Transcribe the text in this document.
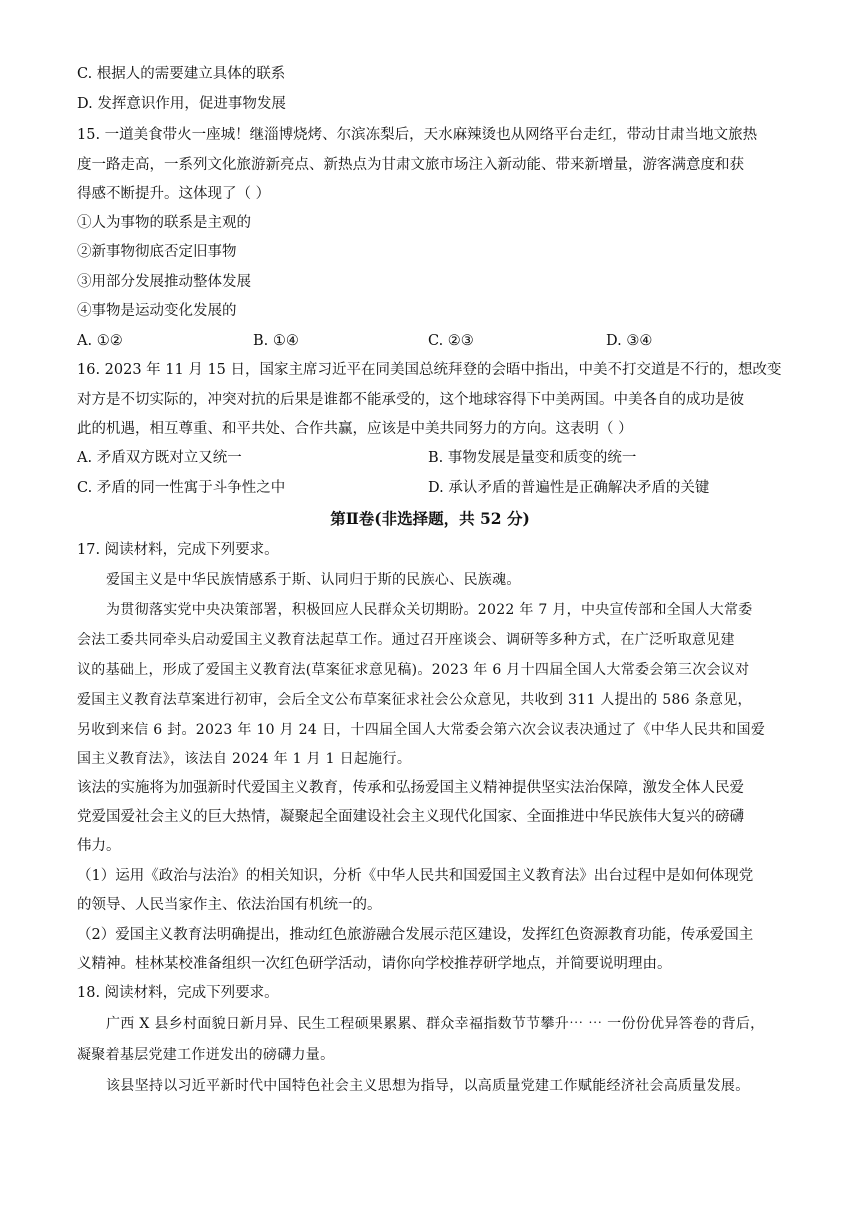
C. 根据人的需要建立具体的联系
D. 发挥意识作用，促进事物发展
15. 一道美食带火一座城！继淄博烧烤、尔滨冻梨后，天水麻辣烫也从网络平台走红，带动甘肃当地文旅热
度一路走高，一系列文化旅游新亮点、新热点为甘肃文旅市场注入新动能、带来新增量，游客满意度和获
得感不断提升。这体现了（ ）
①人为事物的联系是主观的
②新事物彻底否定旧事物
③用部分发展推动整体发展
④事物是运动变化发展的
A. ①②	B. ①④	C. ②③	D. ③④
16. 2023 年 11 月 15 日，国家主席习近平在同美国总统拜登的会晤中指出，中美不打交道是不行的，想改变
对方是不切实际的，冲突对抗的后果是谁都不能承受的，这个地球容得下中美两国。中美各自的成功是彼
此的机遇，相互尊重、和平共处、合作共赢，应该是中美共同努力的方向。这表明（ ）
A. 矛盾双方既对立又统一	B. 事物发展是量变和质变的统一
C. 矛盾的同一性寓于斗争性之中	D. 承认矛盾的普遍性是正确解决矛盾的关键
第Ⅱ卷(非选择题，共 52 分)
17. 阅读材料，完成下列要求。
爱国主义是中华民族情感系于斯、认同归于斯的民族心、民族魂。
为贯彻落实党中央决策部署，积极回应人民群众关切期盼。2022 年 7 月，中央宣传部和全国人大常委
会法工委共同牵头启动爱国主义教育法起草工作。通过召开座谈会、调研等多种方式，在广泛听取意见建
议的基础上，形成了爱国主义教育法(草案征求意见稿)。2023 年 6 月十四届全国人大常委会第三次会议对
爱国主义教育法草案进行初审，会后全文公布草案征求社会公众意见，共收到 311 人提出的 586 条意见，
另收到来信 6 封。2023 年 10 月 24 日，十四届全国人大常委会第六次会议表决通过了《中华人民共和国爱
国主义教育法》，该法自 2024 年 1 月 1 日起施行。
该法的实施将为加强新时代爱国主义教育，传承和弘扬爱国主义精神提供坚实法治保障，激发全体人民爱
党爱国爱社会主义的巨大热情，凝聚起全面建设社会主义现代化国家、全面推进中华民族伟大复兴的磅礴
伟力。
（1）运用《政治与法治》的相关知识，分析《中华人民共和国爱国主义教育法》出台过程中是如何体现党
的领导、人民当家作主、依法治国有机统一的。
（2）爱国主义教育法明确提出，推动红色旅游融合发展示范区建设，发挥红色资源教育功能，传承爱国主
义精神。桂林某校准备组织一次红色研学活动，请你向学校推荐研学地点，并简要说明理由。
18. 阅读材料，完成下列要求。
广西 X 县乡村面貌日新月异、民生工程硕果累累、群众幸福指数节节攀升⋯ ⋯ 一份份优异答卷的背后，
凝聚着基层党建工作迸发出的磅礴力量。
该县坚持以习近平新时代中国特色社会主义思想为指导，以高质量党建工作赋能经济社会高质量发展。
